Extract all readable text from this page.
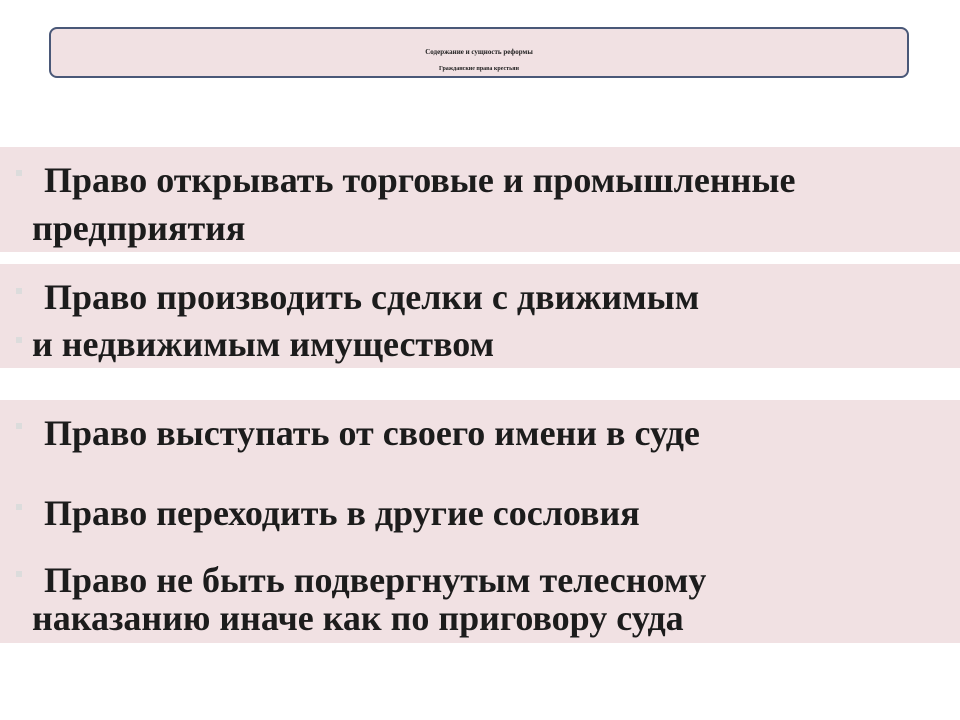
Содержание и сущность реформы
Гражданские права крестьян
Право открывать торговые и промышленные
предприятия
Право производить сделки с движимым
и недвижимым имуществом
Право выступать от своего имени в суде
Право переходить в другие сословия
Право не быть подвергнутым телесному
наказанию иначе как по приговору суда
